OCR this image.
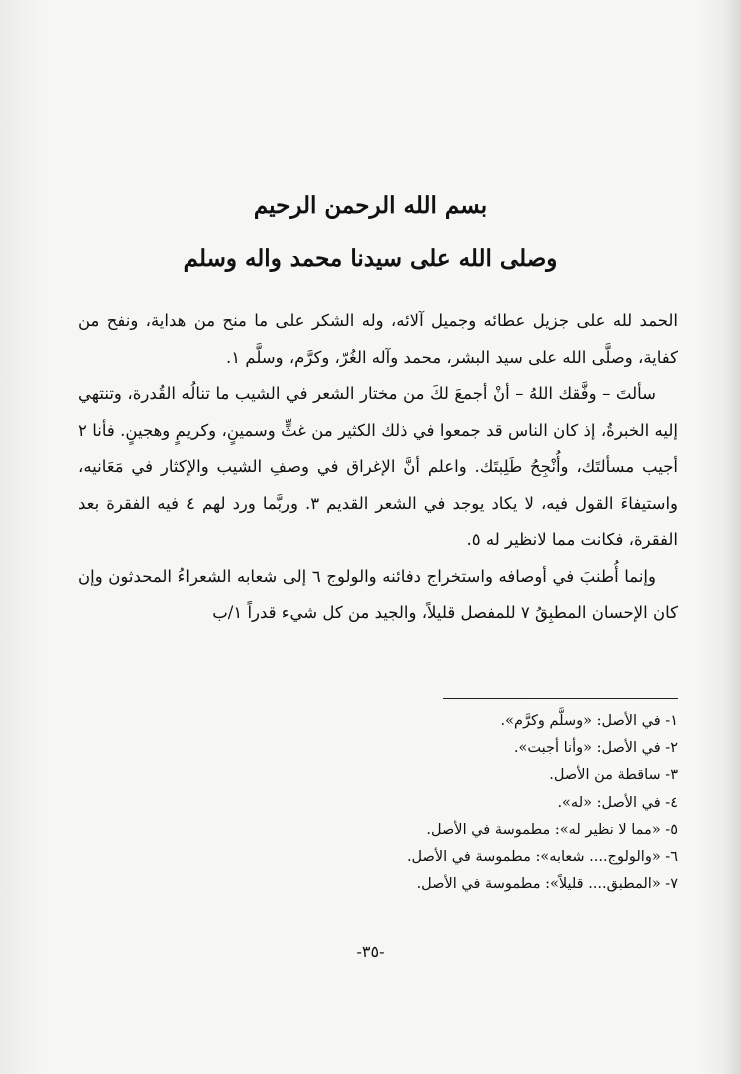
بسم الله الرحمن الرحيم
وصلى الله على سيدنا محمد واله وسلم

الحمد لله على جزيل عطائه وجميل آلائه، وله الشكر على ما منح من هداية، ونفح من كفاية، وصلَّى الله على سيد البشر، محمد وآله الغُرّ، وكرَّم، وسلَّم ١.

سألتَ – وفَّقك اللهُ – أنْ أجمعَ لكَ من مختار الشعر في الشيب ما تنالُه القُدرة، وتنتهي إليه الخبرةُ، إذ كان الناس قد جمعوا في ذلك الكثير من غثٍّ وسمينٍ، وكريمٍ وهجينٍ. فأنا ٢ أجيب مسألتَك، وأُنْجِحُ طَلِبتَك. واعلم أنَّ الإغراق في وصفِ الشيب والإكثار في مَعَانيه، واستيفاءَ القول فيه، لا يكاد يوجد في الشعر القديم ٣. وربَّما ورد لهم ٤ فيه الفقرة بعد الفقرة، فكانت مما لانظير له ٥.

وإنما أُطنبَ في أوصافه واستخراج دفائنه والولوج ٦ إلى شعابه الشعراءُ المحدثون وإن كان الإحسان المطبِقُ ٧ للمفصل قليلاً، والجيد من كل شيء قدراً ١/ب

١- في الأصل: «وسلَّم وكرَّم».
٢- في الأصل: «وأنا أجبت».
٣- ساقطة من الأصل.
٤- في الأصل: «له».
٥- «مما لا نظير له»: مطموسة في الأصل.
٦- «والولوج.... شعابه»: مطموسة في الأصل.
٧- «المطبق.... قليلاً»: مطموسة في الأصل.
-٣٥-
